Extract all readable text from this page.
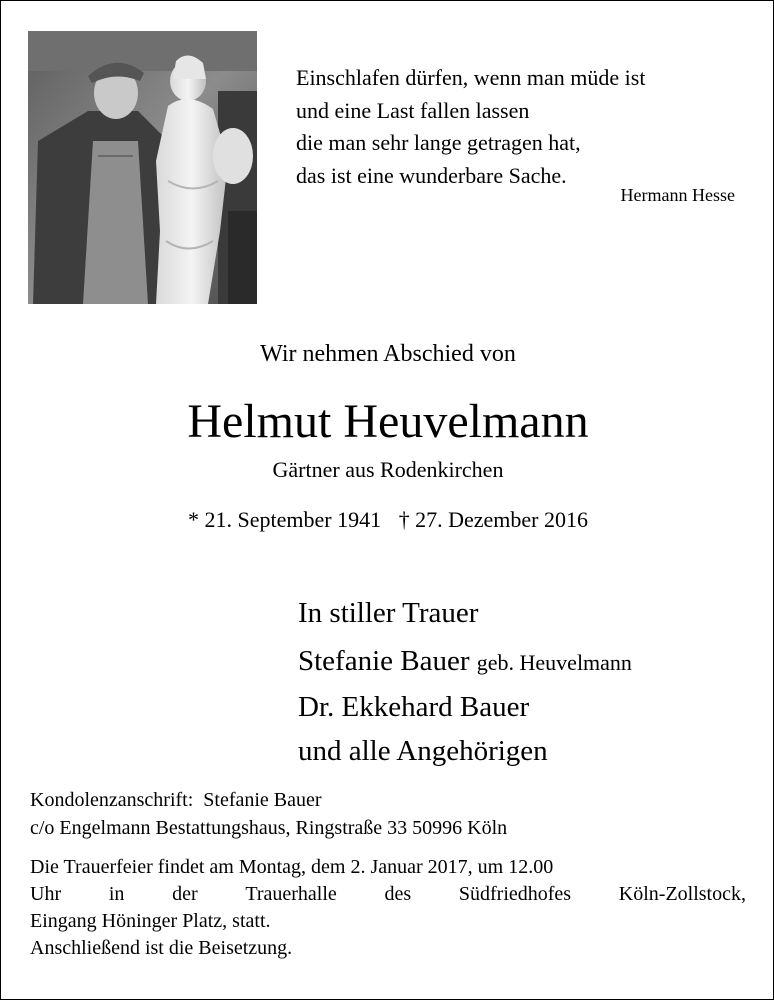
Einschlafen dürfen, wenn man müde ist
und eine Last fallen lassen
die man sehr lange getragen hat,
das ist eine wunderbare Sache.
Hermann Hesse
Wir nehmen Abschied von
Helmut Heuvelmann
Gärtner aus Rodenkirchen
* 21. September 1941 † 27. Dezember 2016
In stiller Trauer
Stefanie Bauer geb. Heuvelmann
Dr. Ekkehard Bauer
und alle Angehörigen
Kondolenzanschrift: Stefanie Bauer
c/o Engelmann Bestattungshaus, Ringstraße 33 50996 Köln
Die Trauerfeier findet am Montag, dem 2. Januar 2017, um 12.00
Uhr in der Trauerhalle des Südfriedhofes Köln-Zollstock,
Eingang Höninger Platz, statt.
Anschließend ist die Beisetzung.
